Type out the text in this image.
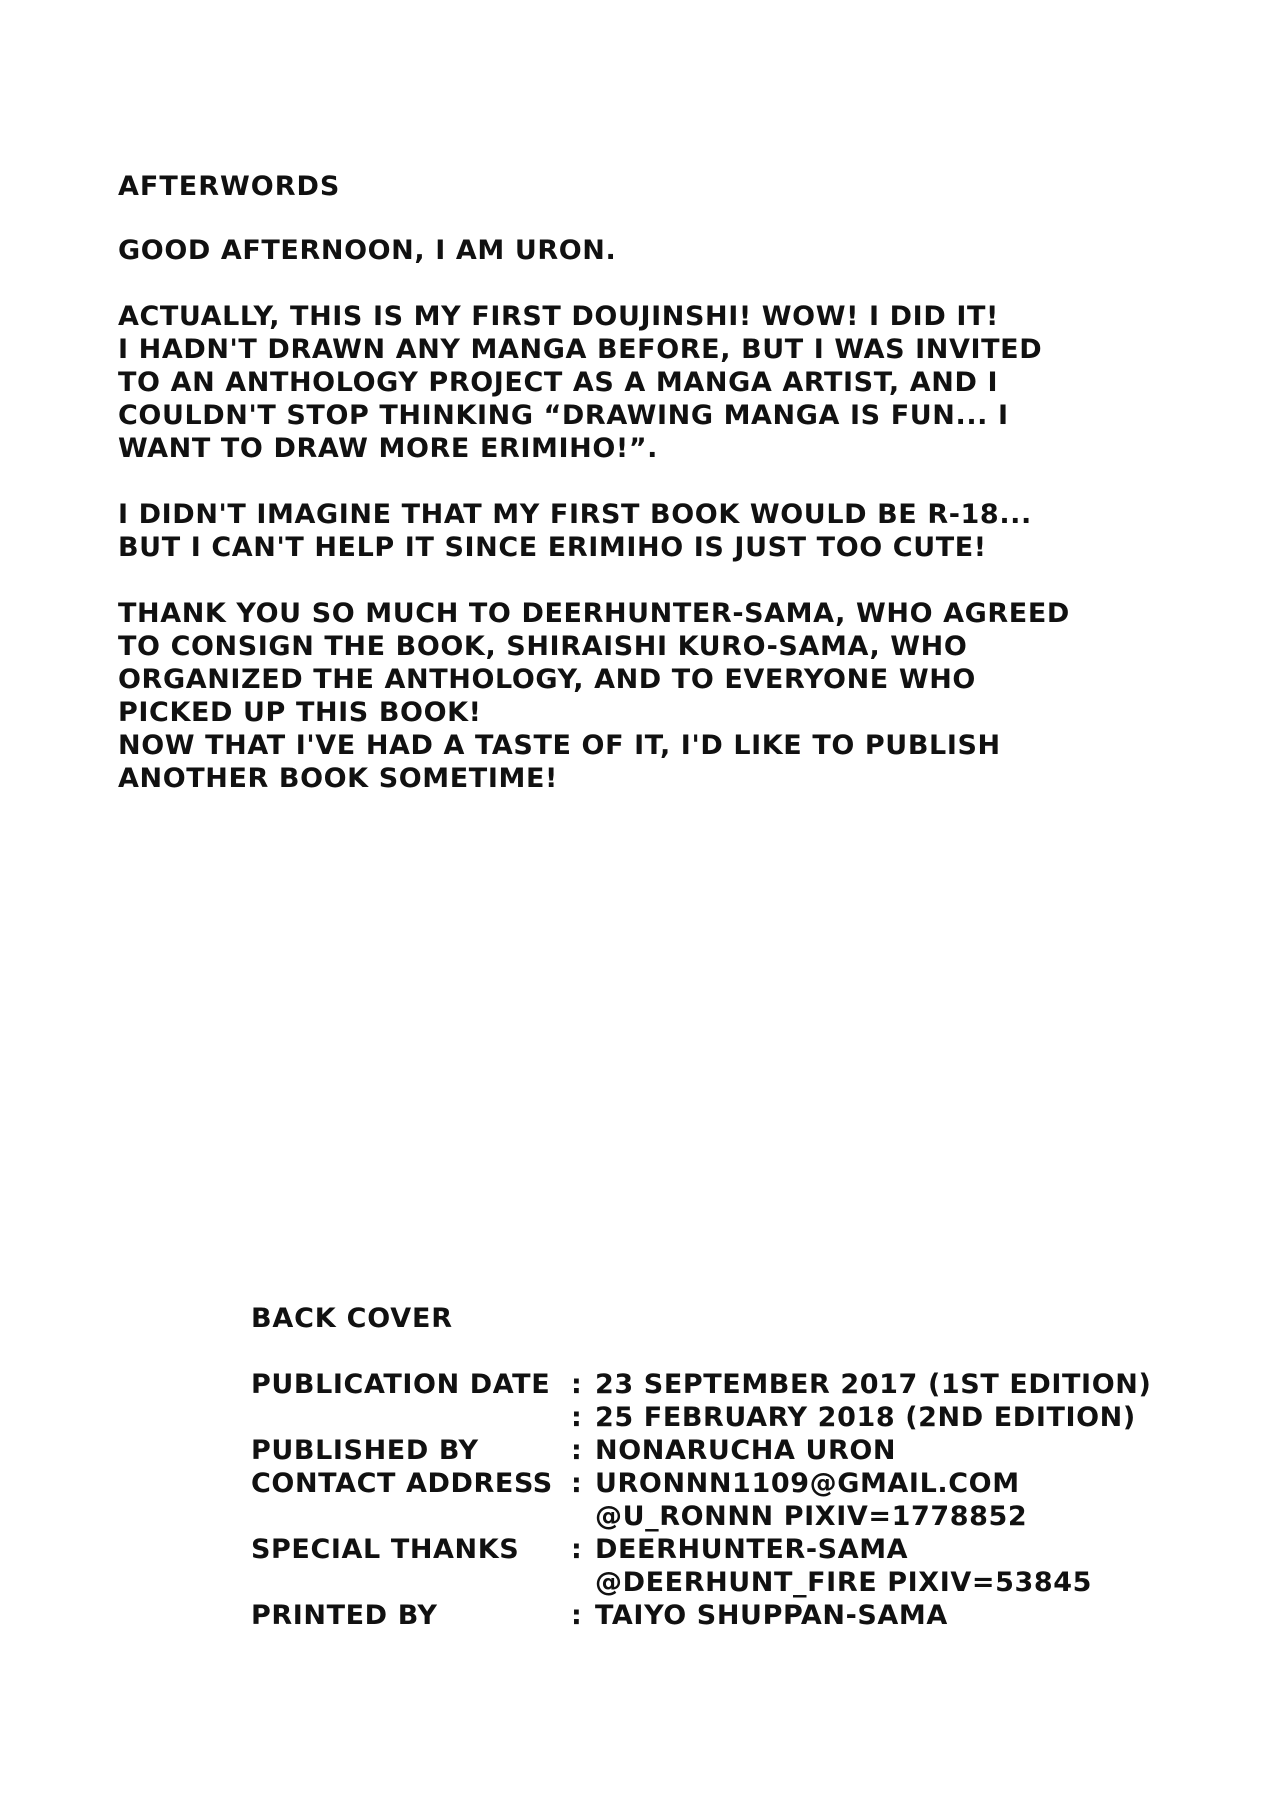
AFTERWORDS
GOOD AFTERNOON, I AM URON.
ACTUALLY, THIS IS MY FIRST DOUJINSHI! WOW! I DID IT!
I HADN'T DRAWN ANY MANGA BEFORE, BUT I WAS INVITED
TO AN ANTHOLOGY PROJECT AS A MANGA ARTIST, AND I
COULDN'T STOP THINKING “DRAWING MANGA IS FUN... I
WANT TO DRAW MORE ERIMIHO!”.
I DIDN'T IMAGINE THAT MY FIRST BOOK WOULD BE R-18...
BUT I CAN'T HELP IT SINCE ERIMIHO IS JUST TOO CUTE!
THANK YOU SO MUCH TO DEERHUNTER-SAMA, WHO AGREED
TO CONSIGN THE BOOK, SHIRAISHI KURO-SAMA, WHO
ORGANIZED THE ANTHOLOGY, AND TO EVERYONE WHO
PICKED UP THIS BOOK!
NOW THAT I'VE HAD A TASTE OF IT, I'D LIKE TO PUBLISH
ANOTHER BOOK SOMETIME!
BACK COVER
PUBLICATION DATE : 23 SEPTEMBER 2017 (1ST EDITION)
: 25 FEBRUARY 2018 (2ND EDITION)
PUBLISHED BY	: NONARUCHA URON
CONTACT ADDRESS : URONNN1109@GMAIL.COM
@U_RONNN PIXIV=1778852
SPECIAL THANKS	: DEERHUNTER-SAMA
@DEERHUNT_FIRE PIXIV=53845
PRINTED BY	: TAIYO SHUPPAN-SAMA
